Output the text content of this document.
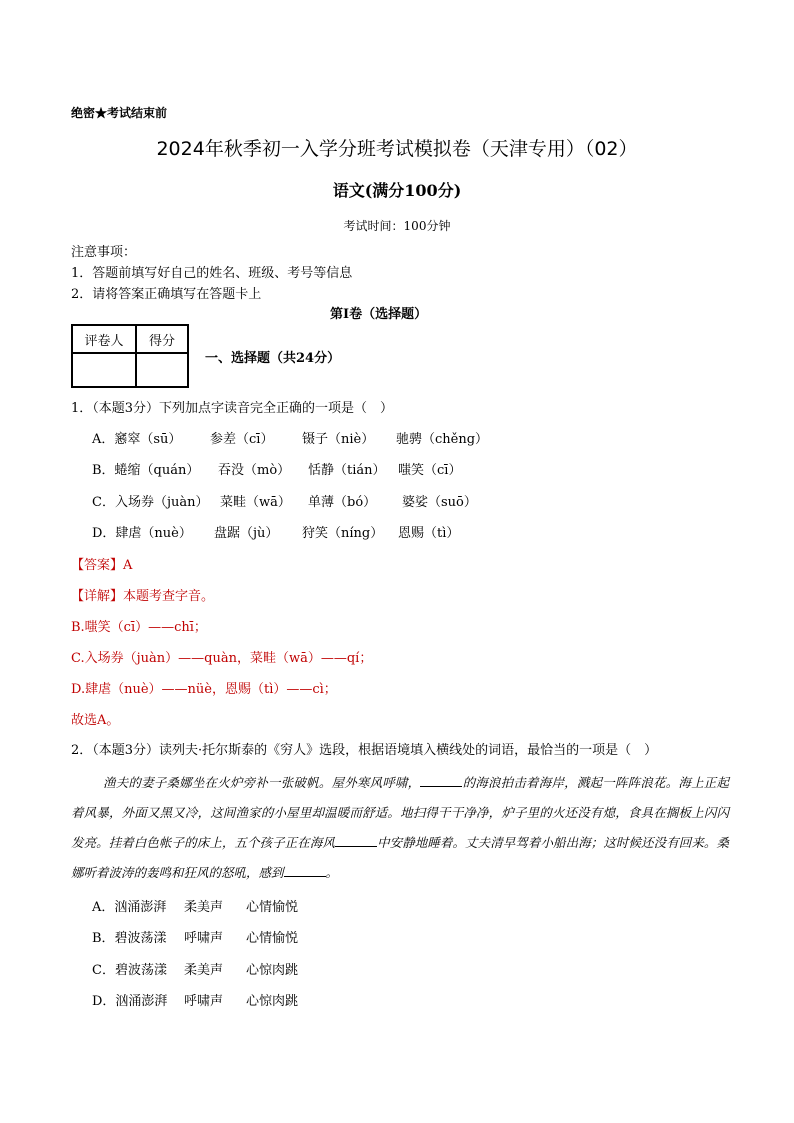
绝密★考试结束前
2024年秋季初一入学分班考试模拟卷（天津专用）（02）
语文(满分100分)
考试时间：100分钟
注意事项：
1．答题前填写好自己的姓名、班级、考号等信息
2．请将答案正确填写在答题卡上
第Ⅰ卷（选择题）
评卷人	得分

一、选择题（共24分）
1．（本题3分）下列加点字读音完全正确的一项是（　）
A．窸窣（sū） 参差（cī） 镊子（niè） 驰骋（chěng）
B．蜷缩（quán） 吞没（mò） 恬静（tián） 嗤笑（cī）
C．入场券（juàn） 菜畦（wā） 单薄（bó） 婆娑（suō）
D．肆虐（nuè） 盘踞（jù） 狩笑（níng） 恩赐（tì）
【答案】A
【详解】本题考查字音。
B.嗤笑（cī）——chī；
C.入场券（juàn）——quàn，菜畦（wā）——qí；
D.肆虐（nuè）——nüè，恩赐（tì）——cì；
故选A。
2．（本题3分）读列夫·托尔斯泰的《穷人》选段，根据语境填入横线处的词语，最恰当的一项是（　）
渔夫的妻子桑娜坐在火炉旁补一张破帆。屋外寒风呼啸，	的海浪拍击着海岸，溅起一阵阵浪花。海上正起着风暴，外面又黑又冷，这间渔家的小屋里却温暖而舒适。地扫得干干净净，炉子里的火还没有熄，食具在搁板上闪闪发亮。挂着白色帐子的床上，五个孩子正在海风	中安静地睡着。丈夫清早驾着小船出海；这时候还没有回来。桑娜听着波涛的轰鸣和狂风的怒吼，感到	。
A．汹涌澎湃 柔美声 心情愉悦
B．碧波荡漾 呼啸声 心情愉悦
C．碧波荡漾 柔美声 心惊肉跳
D．汹涌澎湃 呼啸声 心惊肉跳
